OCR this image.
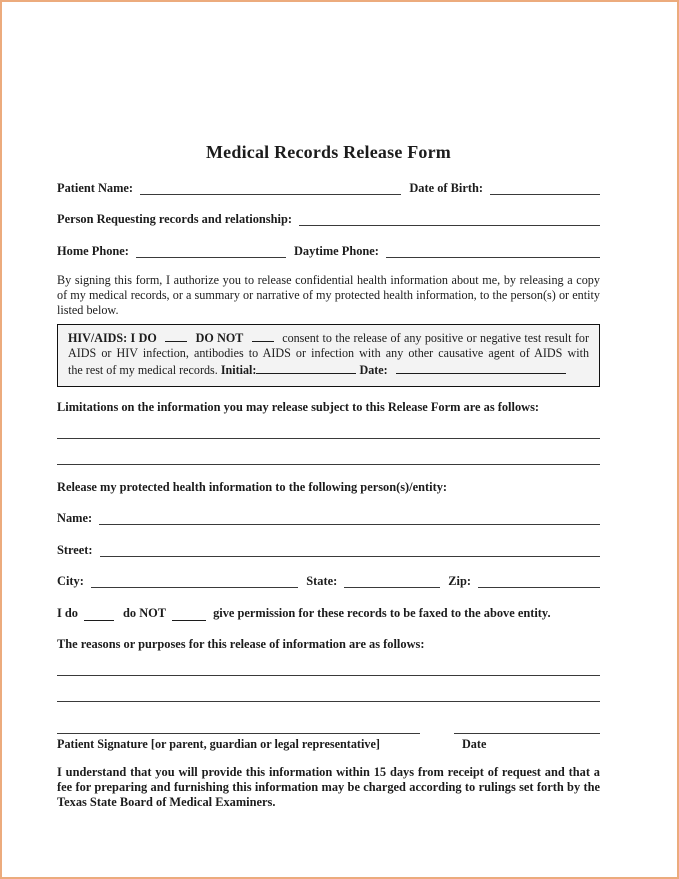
Medical Records Release Form
Patient Name:	Date of Birth:
Person Requesting records and relationship:
Home Phone:	Daytime Phone:

By signing this form, I authorize you to release confidential health information about me, by releasing a copy of my medical records, or a summary or narrative of my protected health information, to the person(s) or entity listed below.

HIV/AIDS: I DO	DO NOT	consent to the release of any positive or negative test result for
AIDS or HIV infection, antibodies to AIDS or infection with any other causative agent of AIDS with
the rest of my medical records. Initial:	Date:
Limitations on the information you may release subject to this Release Form are as follows:
Release my protected health information to the following person(s)/entity:
Name:
Street:
City:	State:	Zip:
I do	do NOT	give permission for these records to be faxed to the above entity.
The reasons or purposes for this release of information are as follows:
Patient Signature [or parent, guardian or legal representative]	Date

I understand that you will provide this information within 15 days from receipt of request and that a fee for preparing and furnishing this information may be charged according to rulings set forth by the Texas State Board of Medical Examiners.
